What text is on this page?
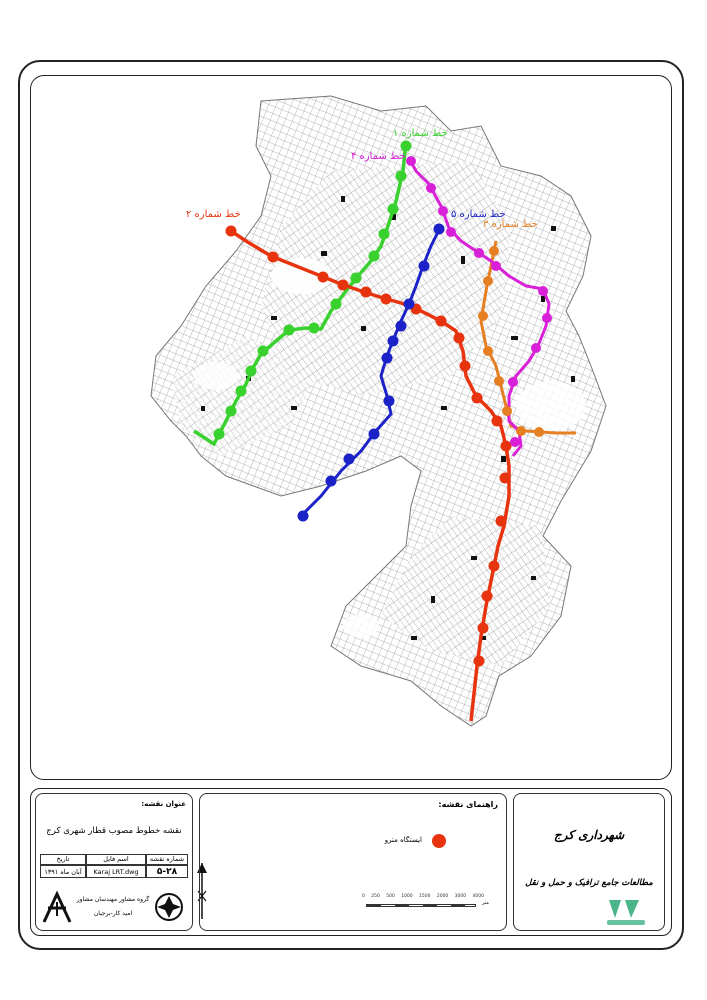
خط شماره ۱
خط شماره ۴
خط شماره ۲	خط شماره ۵
خط شماره ۳
عنوان نقشه:
نقشه خطوط مصوب قطار شهری کرج
شماره نقشه
اسم فایل
تاریخ
۵-۲۸
Karaj LRT.dwg
آبان ماه ۱۳۹۱
گروه مشاور مهندسان مشاور
امید کار-برجیان
راهنمای نقشه:
ایستگاه مترو
0 250 500 1000 1500 2000 3000 4000
متر
شهرداری کرج
مطالعات جامع ترافیک و حمل و نقل
